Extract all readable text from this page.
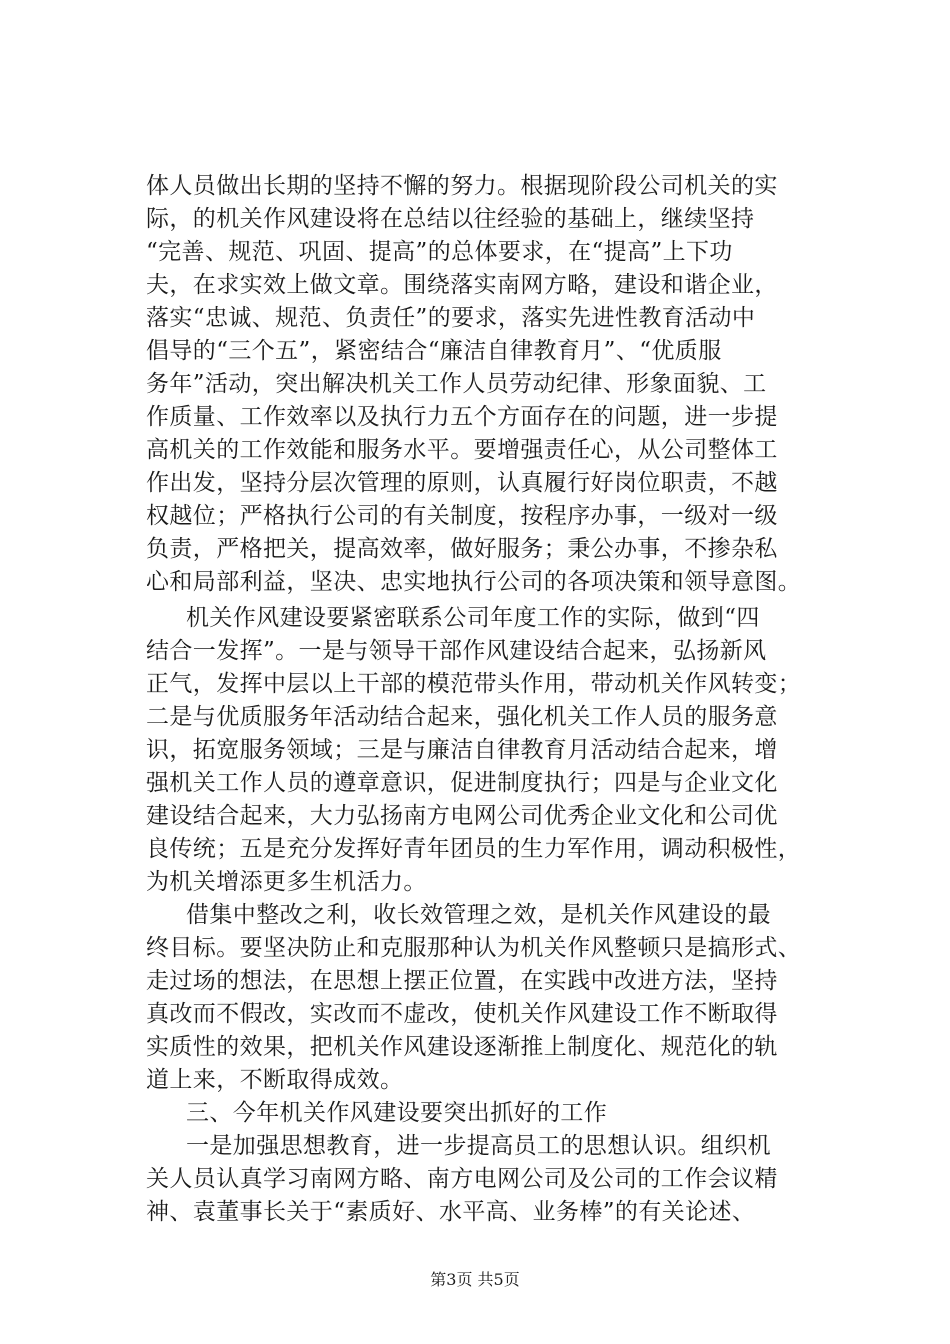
体人员做出长期的坚持不懈的努力。根据现阶段公司机关的实
际，的机关作风建设将在总结以往经验的基础上，继续坚持
“完善、规范、巩固、提高”的总体要求，在“提高”上下功
夫，在求实效上做文章。围绕落实南网方略，建设和谐企业，
落实“忠诚、规范、负责任”的要求，落实先进性教育活动中
倡导的“三个五”，紧密结合“廉洁自律教育月”、“优质服
务年”活动，突出解决机关工作人员劳动纪律、形象面貌、工
作质量、工作效率以及执行力五个方面存在的问题，进一步提
高机关的工作效能和服务水平。要增强责任心，从公司整体工
作出发，坚持分层次管理的原则，认真履行好岗位职责，不越
权越位；严格执行公司的有关制度，按程序办事，一级对一级
负责，严格把关，提高效率，做好服务；秉公办事，不掺杂私
心和局部利益，坚决、忠实地执行公司的各项决策和领导意图。
机关作风建设要紧密联系公司年度工作的实际，做到“四
结合一发挥”。一是与领导干部作风建设结合起来，弘扬新风
正气，发挥中层以上干部的模范带头作用，带动机关作风转变；
二是与优质服务年活动结合起来，强化机关工作人员的服务意
识，拓宽服务领域；三是与廉洁自律教育月活动结合起来，增
强机关工作人员的遵章意识，促进制度执行；四是与企业文化
建设结合起来，大力弘扬南方电网公司优秀企业文化和公司优
良传统；五是充分发挥好青年团员的生力军作用，调动积极性，
为机关增添更多生机活力。
借集中整改之利，收长效管理之效，是机关作风建设的最
终目标。要坚决防止和克服那种认为机关作风整顿只是搞形式、
走过场的想法，在思想上摆正位置，在实践中改进方法，坚持
真改而不假改，实改而不虚改，使机关作风建设工作不断取得
实质性的效果，把机关作风建设逐渐推上制度化、规范化的轨
道上来，不断取得成效。
三、今年机关作风建设要突出抓好的工作
一是加强思想教育，进一步提高员工的思想认识。组织机
关人员认真学习南网方略、南方电网公司及公司的工作会议精
神、袁董事长关于“素质好、水平高、业务棒”的有关论述、
第3页 共5页
